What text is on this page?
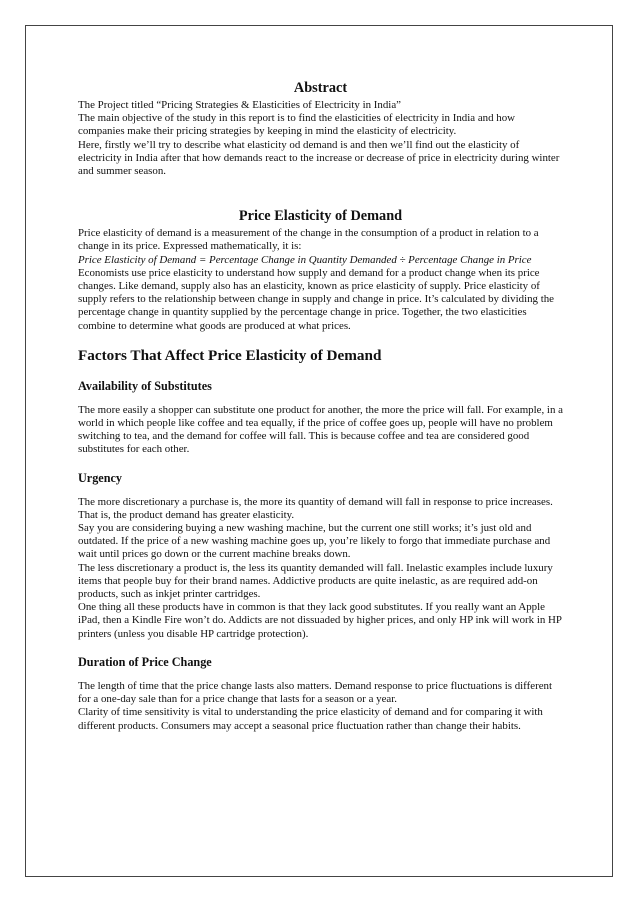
Abstract

The Project titled “Pricing Strategies & Elasticities of Electricity in India”

The main objective of the study in this report is to find the elasticities of electricity in India and how companies make their pricing strategies by keeping in mind the elasticity of electricity.

Here, firstly we’ll try to describe what elasticity od demand is and then we’ll find out the elasticity of electricity in India after that how demands react to the increase or decrease of price in electricity during winter and summer season.

Price Elasticity of Demand

Price elasticity of demand is a measurement of the change in the consumption of a product in relation to a change in its price. Expressed mathematically, it is:

Price Elasticity of Demand = Percentage Change in Quantity Demanded ÷ Percentage Change in Price

Economists use price elasticity to understand how supply and demand for a product change when its price changes. Like demand, supply also has an elasticity, known as price elasticity of supply. Price elasticity of supply refers to the relationship between change in supply and change in price. It’s calculated by dividing the percentage change in quantity supplied by the percentage change in price. Together, the two elasticities combine to determine what goods are produced at what prices.

Factors That Affect Price Elasticity of Demand
Availability of Substitutes

The more easily a shopper can substitute one product for another, the more the price will fall. For example, in a world in which people like coffee and tea equally, if the price of coffee goes up, people will have no problem switching to tea, and the demand for coffee will fall. This is because coffee and tea are considered good substitutes for each other.

Urgency

The more discretionary a purchase is, the more its quantity of demand will fall in response to price increases. That is, the product demand has greater elasticity.

Say you are considering buying a new washing machine, but the current one still works; it’s just old and outdated. If the price of a new washing machine goes up, you’re likely to forgo that immediate purchase and wait until prices go down or the current machine breaks down.

The less discretionary a product is, the less its quantity demanded will fall. Inelastic examples include luxury items that people buy for their brand names. Addictive products are quite inelastic, as are required add-on products, such as inkjet printer cartridges.

One thing all these products have in common is that they lack good substitutes. If you really want an Apple iPad, then a Kindle Fire won’t do. Addicts are not dissuaded by higher prices, and only HP ink will work in HP printers (unless you disable HP cartridge protection).

Duration of Price Change

The length of time that the price change lasts also matters. Demand response to price fluctuations is different for a one-day sale than for a price change that lasts for a season or a year.

Clarity of time sensitivity is vital to understanding the price elasticity of demand and for comparing it with different products. Consumers may accept a seasonal price fluctuation rather than change their habits.
